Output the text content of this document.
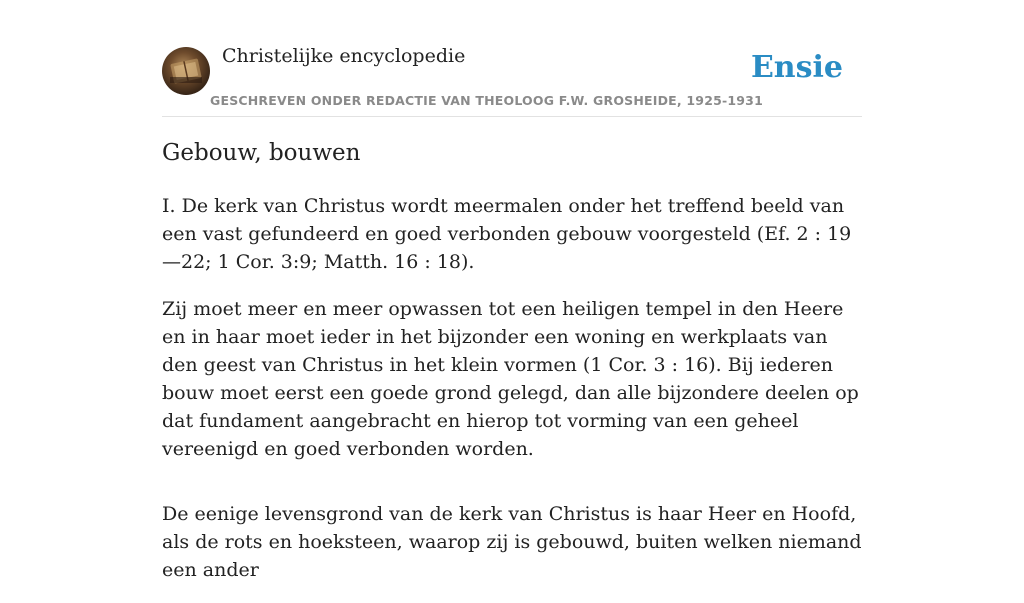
Christelijke encyclopedie
GESCHREVEN ONDER REDACTIE VAN THEOLOOG F.W. GROSHEIDE, 1925-1931
Ensie
Gebouw, bouwen

I. De kerk van Christus wordt meermalen onder het treffend beeld van een vast gefundeerd en goed verbonden gebouw voorgesteld (Ef. 2 : 19—22; 1 Cor. 3:9; Matth. 16 : 18).

Zij moet meer en meer opwassen tot een heiligen tempel in den Heere en in haar moet ieder in het bijzonder een woning en werkplaats van den geest van Christus in het klein vormen (1 Cor. 3 : 16). Bij iederen bouw moet eerst een goede grond gelegd, dan alle bijzondere deelen op dat fundament aangebracht en hierop tot vorming van een geheel vereenigd en goed verbonden worden.

De eenige levensgrond van de kerk van Christus is haar Heer en Hoofd, als de rots en hoeksteen, waarop zij is gebouwd, buiten welken niemand een ander
